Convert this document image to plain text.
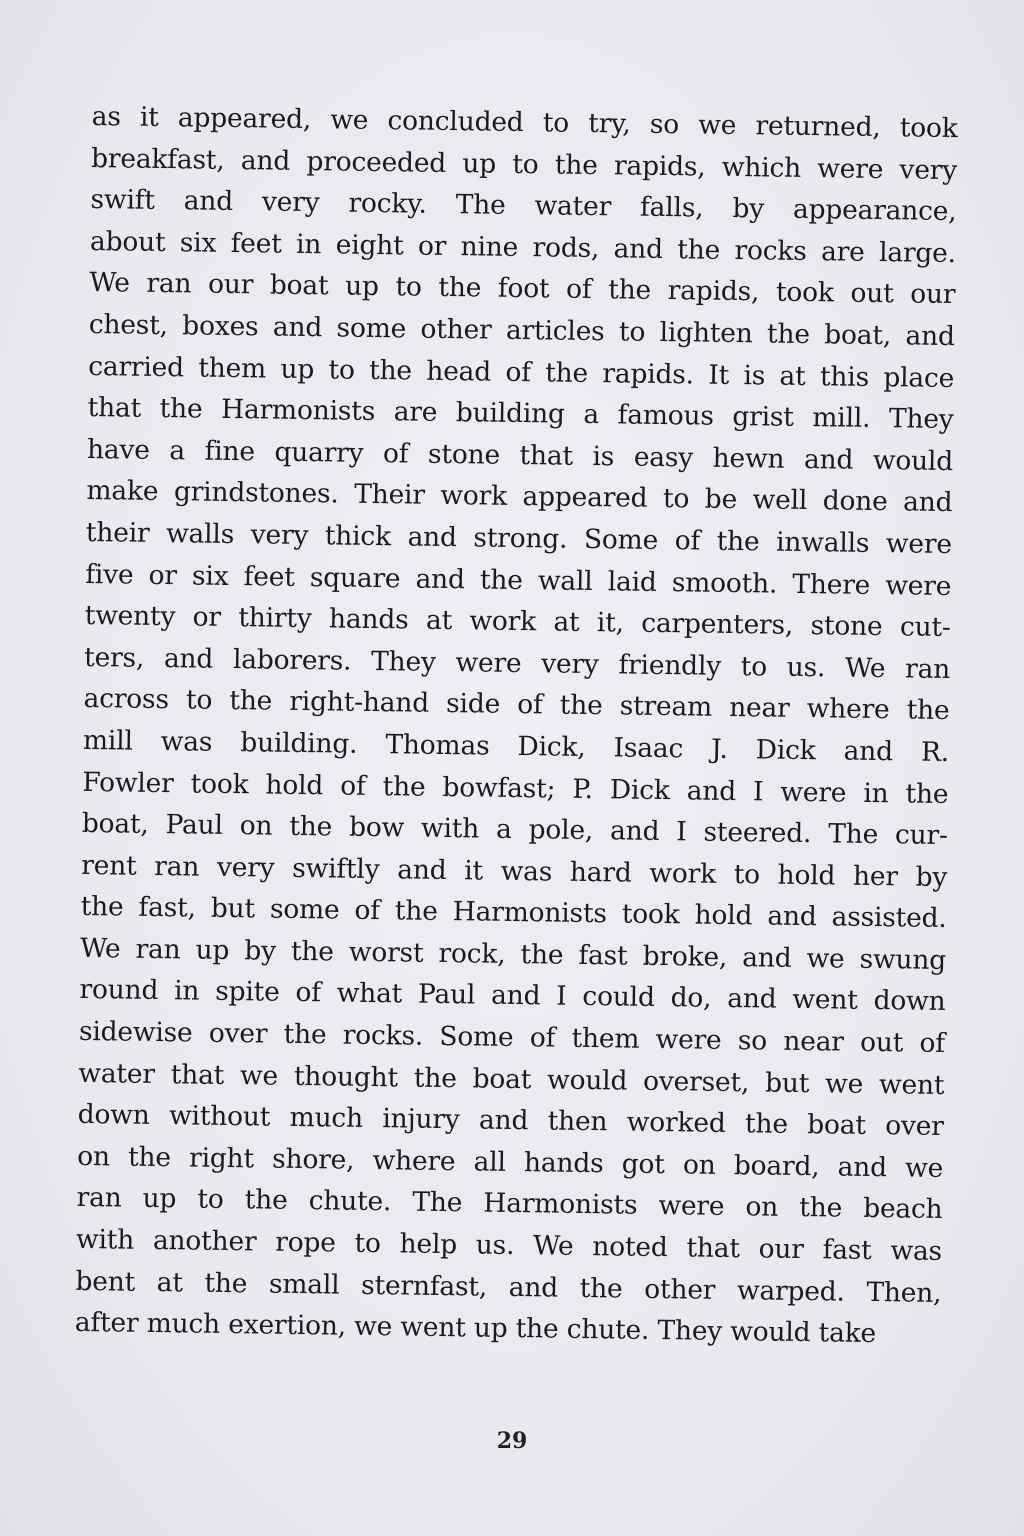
as it appeared, we concluded to try, so we returned, took
breakfast, and proceeded up to the rapids, which were very
swift and very rocky. The water falls, by appearance,
about six feet in eight or nine rods, and the rocks are large.
We ran our boat up to the foot of the rapids, took out our
chest, boxes and some other articles to lighten the boat, and
carried them up to the head of the rapids. It is at this place
that the Harmonists are building a famous grist mill. They
have a fine quarry of stone that is easy hewn and would
make grindstones. Their work appeared to be well done and
their walls very thick and strong. Some of the inwalls were
five or six feet square and the wall laid smooth. There were
twenty or thirty hands at work at it, carpenters, stone cut-
ters, and laborers. They were very friendly to us. We ran
across to the right-hand side of the stream near where the
mill was building. Thomas Dick, Isaac J. Dick and R.
Fowler took hold of the bowfast; P. Dick and I were in the
boat, Paul on the bow with a pole, and I steered. The cur-
rent ran very swiftly and it was hard work to hold her by
the fast, but some of the Harmonists took hold and assisted.
We ran up by the worst rock, the fast broke, and we swung
round in spite of what Paul and I could do, and went down
sidewise over the rocks. Some of them were so near out of
water that we thought the boat would overset, but we went
down without much injury and then worked the boat over
on the right shore, where all hands got on board, and we
ran up to the chute. The Harmonists were on the beach
with another rope to help us. We noted that our fast was
bent at the small sternfast, and the other warped. Then,
after much exertion, we went up the chute. They would take
29
